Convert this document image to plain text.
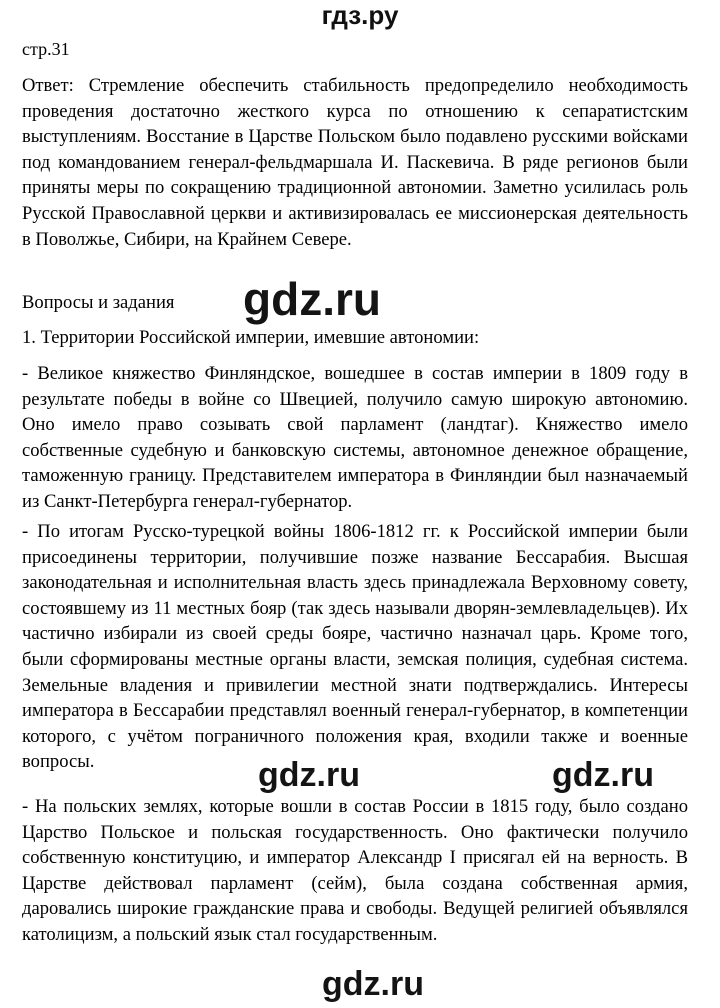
гдз.ру

стр.31

Ответ: Стремление обеспечить стабильность предопределило необходимость проведения достаточно жесткого курса по отношению к сепаратистским выступлениям. Восстание в Царстве Польском было подавлено русскими войсками под командованием генерал-фельдмаршала И. Паскевича. В ряде регионов были приняты меры по сокращению традиционной автономии. Заметно усилилась роль Русской Православной церкви и активизировалась ее миссионерская деятельность в Поволжье, Сибири, на Крайнем Севере.

Вопросы и задания	gdz.ru

1. Территории Российской империи, имевшие автономии:

- Великое княжество Финляндское, вошедшее в состав империи в 1809 году в результате победы в войне со Швецией, получило самую широкую автономию. Оно имело право созывать свой парламент (ландтаг). Княжество имело собственные судебную и банковскую системы, автономное денежное обращение, таможенную границу. Представителем императора в Финляндии был назначаемый из Санкт-Петербурга генерал-губернатор.

- По итогам Русско-турецкой войны 1806-1812 гг. к Российской империи были присоединены территории, получившие позже название Бессарабия. Высшая законодательная и исполнительная власть здесь принадлежала Верховному совету, состоявшему из 11 местных бояр (так здесь называли дворян-землевладельцев). Их частично избирали из своей среды бояре, частично назначал царь. Кроме того, были сформированы местные органы власти, земская полиция, судебная система. Земельные владения и привилегии местной знати подтверждались. Интересы императора в Бессарабии представлял военный генерал-губернатор, в компетенции которого, с учётом пограничного положения края, входили также и военные вопросы.	gdz.ru	gdz.ru

- На польских землях, которые вошли в состав России в 1815 году, было создано Царство Польское и польская государственность. Оно фактически получило собственную конституцию, и император Александр I присягал ей на верность. В Царстве действовал парламент (сейм), была создана собственная армия, даровались широкие гражданские права и свободы. Ведущей религией объявлялся католицизм, а польский язык стал государственным.

gdz.ru
